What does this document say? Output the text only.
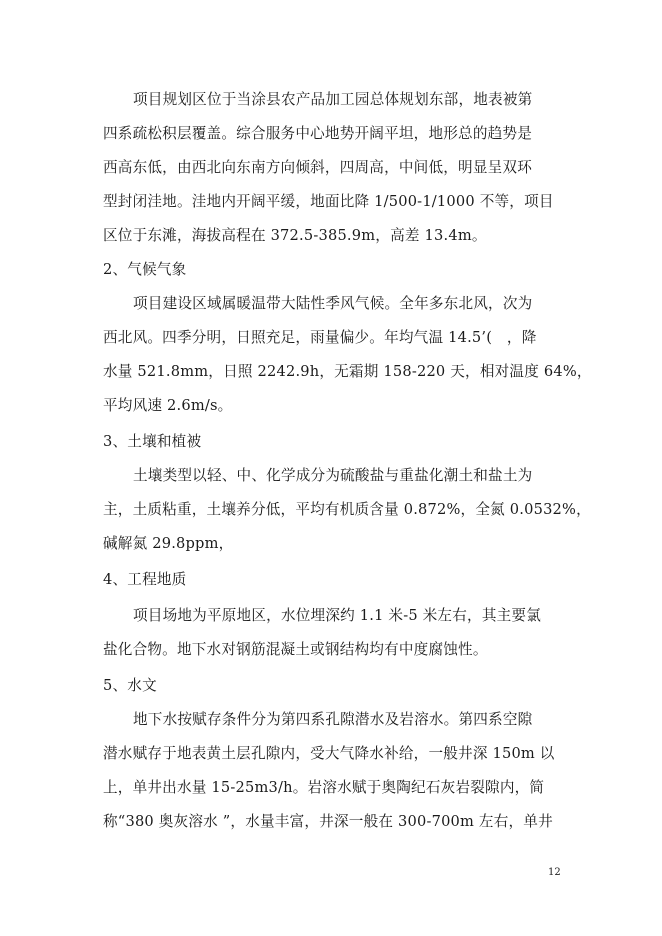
项目规划区位于当涂县农产品加工园总体规划东部，地表被第
四系疏松积层覆盖。综合服务中心地势开阔平坦，地形总的趋势是
西高东低，由西北向东南方向倾斜，四周高，中间低，明显呈双环
型封闭洼地。洼地内开阔平缓，地面比降 1/500-1/1000 不等，项目
区位于东滩，海拔高程在 372.5-385.9m，高差 13.4m。
2、气候气象
项目建设区域属暖温带大陆性季风气候。全年多东北风，次为
西北风。四季分明，日照充足，雨量偏少。年均气温 14.5’(　，降
水量 521.8mm，日照 2242.9h，无霜期 158-220 天，相对温度 64%，
平均风速 2.6m/s。
3、土壤和植被
土壤类型以轻、中、化学成分为硫酸盐与重盐化潮土和盐土为
主，土质粘重，土壤养分低，平均有机质含量 0.872%，全氮 0.0532%，
碱解氮 29.8ppm，
4、工程地质
项目场地为平原地区，水位埋深约 1.1 米-5 米左右，其主要氯
盐化合物。地下水对钢筋混凝土或钢结构均有中度腐蚀性。
5、水文
地下水按赋存条件分为第四系孔隙潜水及岩溶水。第四系空隙
潜水赋存于地表黄土层孔隙内，受大气降水补给，一般井深 150m 以
上，单井出水量 15-25m3/h。岩溶水赋于奥陶纪石灰岩裂隙内，简
称“380 奥灰溶水 ”，水量丰富，井深一般在 300-700m 左右，单井
12
